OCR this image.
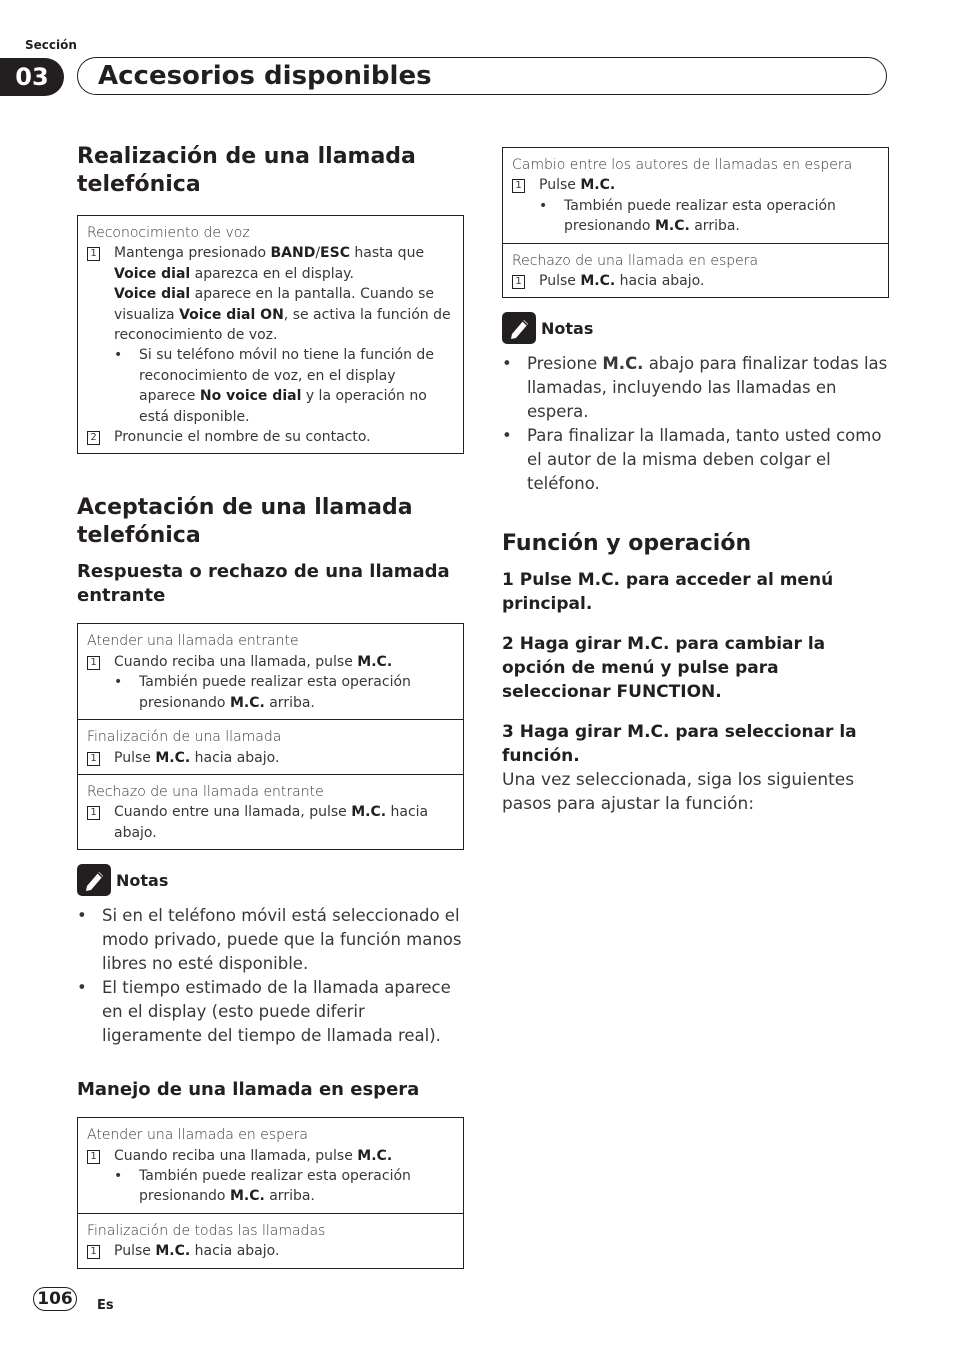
Sección
03	Accesorios disponibles
Realización de una llamada telefónica
Reconocimiento de voz
1 Mantenga presionado BAND/ESC hasta que Voice dial aparezca en el display.
Voice dial aparece en la pantalla. Cuando se visualiza Voice dial ON, se activa la función de reconocimiento de voz.
•	Si su teléfono móvil no tiene la función de reconocimiento de voz, en el display aparece No voice dial y la operación no está disponible.
2 Pronuncie el nombre de su contacto.
Aceptación de una llamada telefónica
Respuesta o rechazo de una llamada entrante
Atender una llamada entrante
1 Cuando reciba una llamada, pulse M.C.
•	También puede realizar esta operación presionando M.C. arriba.
Finalización de una llamada
1 Pulse M.C. hacia abajo.
Rechazo de una llamada entrante
1 Cuando entre una llamada, pulse M.C. hacia abajo.
Notas
• Si en el teléfono móvil está seleccionado el modo privado, puede que la función manos libres no esté disponible.
• El tiempo estimado de la llamada aparece en el display (esto puede diferir ligeramente del tiempo de llamada real).
Manejo de una llamada en espera
Atender una llamada en espera
1 Cuando reciba una llamada, pulse M.C.
•	También puede realizar esta operación presionando M.C. arriba.
Finalización de todas las llamadas
1 Pulse M.C. hacia abajo.
Cambio entre los autores de llamadas en espera
1 Pulse M.C.
•	También puede realizar esta operación presionando M.C. arriba.
Rechazo de una llamada en espera
1 Pulse M.C. hacia abajo.
Notas
• Presione M.C. abajo para finalizar todas las llamadas, incluyendo las llamadas en espera.
• Para finalizar la llamada, tanto usted como el autor de la misma deben colgar el teléfono.
Función y operación
1 Pulse M.C. para acceder al menú principal.
2 Haga girar M.C. para cambiar la opción de menú y pulse para seleccionar FUNCTION.
3 Haga girar M.C. para seleccionar la función.
Una vez seleccionada, siga los siguientes pasos para ajustar la función:
106	Es
